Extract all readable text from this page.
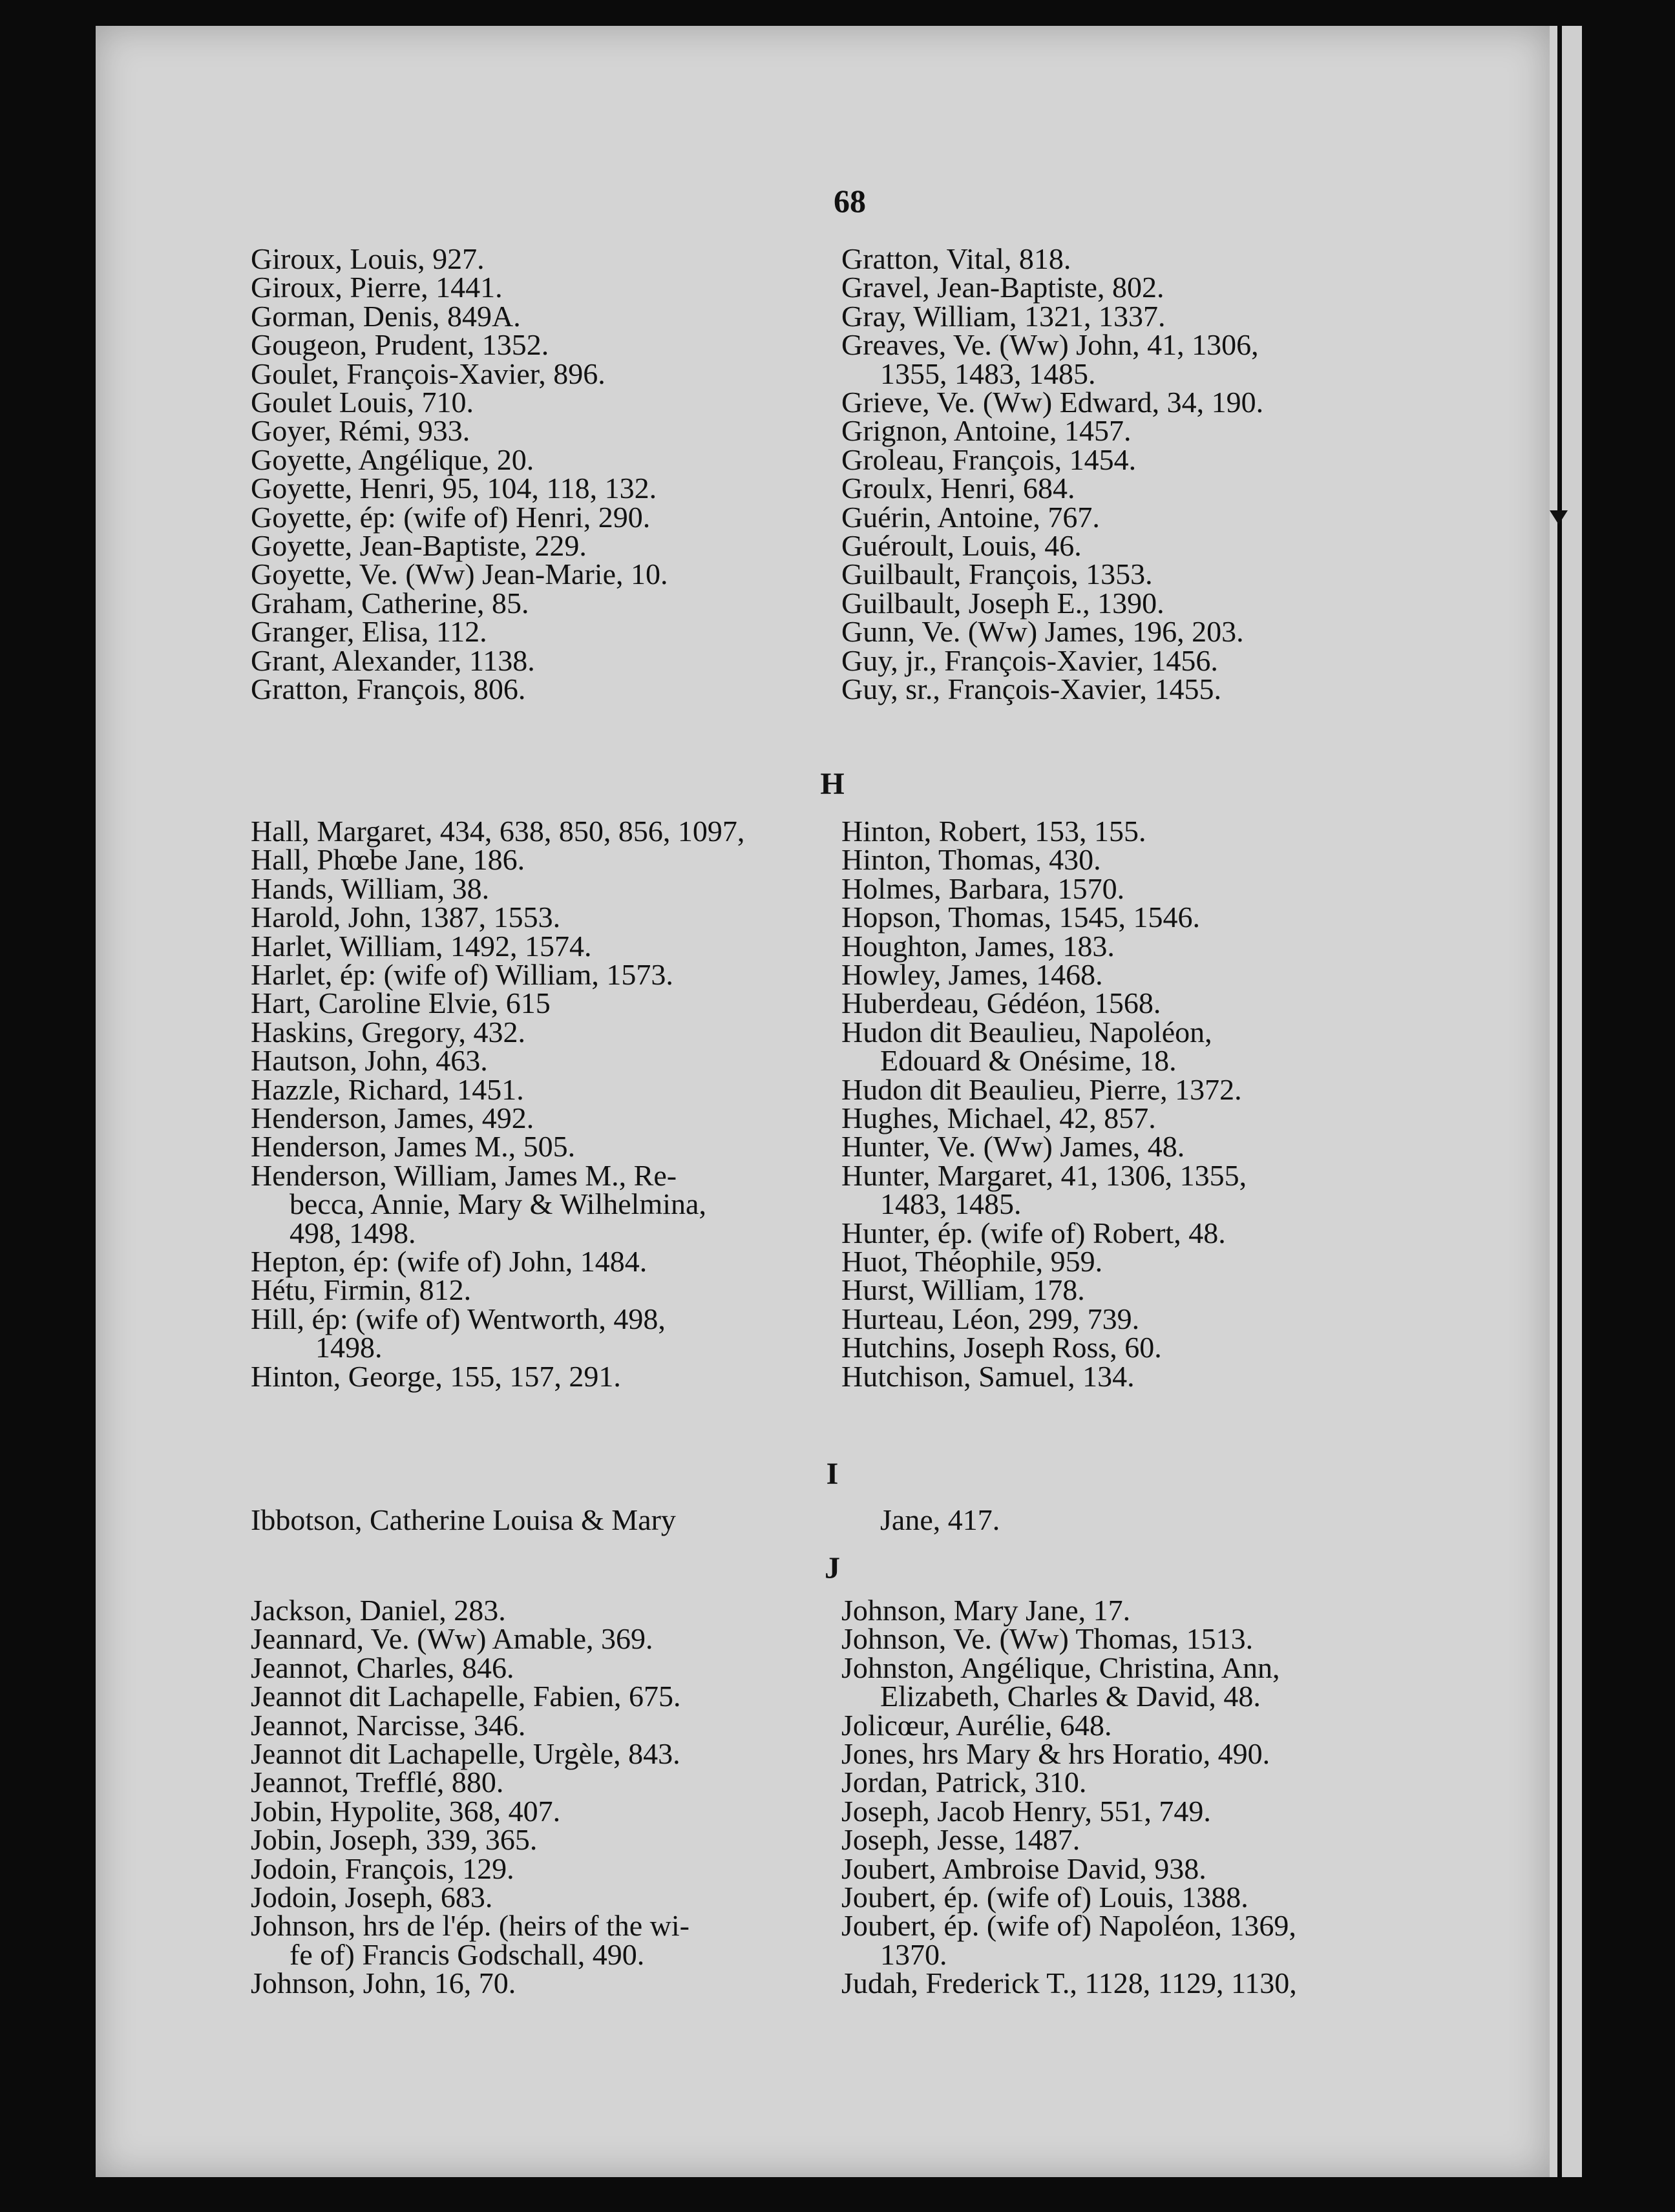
68
Giroux, Louis, 927.
Giroux, Pierre, 1441.
Gorman, Denis, 849A.
Gougeon, Prudent, 1352.
Goulet, François-Xavier, 896.
Goulet Louis, 710.
Goyer, Rémi, 933.
Goyette, Angélique, 20.
Goyette, Henri, 95, 104, 118, 132.
Goyette, ép: (wife of) Henri, 290.
Goyette, Jean-Baptiste, 229.
Goyette, Ve. (Ww) Jean-Marie, 10.
Graham, Catherine, 85.
Granger, Elisa, 112.
Grant, Alexander, 1138.
Gratton, François, 806.
Gratton, Vital, 818.
Gravel, Jean-Baptiste, 802.
Gray, William, 1321, 1337.
Greaves, Ve. (Ww) John, 41, 1306,
1355, 1483, 1485.
Grieve, Ve. (Ww) Edward, 34, 190.
Grignon, Antoine, 1457.
Groleau, François, 1454.
Groulx, Henri, 684.
Guérin, Antoine, 767.
Guéroult, Louis, 46.
Guilbault, François, 1353.
Guilbault, Joseph E., 1390.
Gunn, Ve. (Ww) James, 196, 203.
Guy, jr., François-Xavier, 1456.
Guy, sr., François-Xavier, 1455.
H
Hall, Margaret, 434, 638, 850, 856, 1097,
Hall, Phœbe Jane, 186.
Hands, William, 38.
Harold, John, 1387, 1553.
Harlet, William, 1492, 1574.
Harlet, ép: (wife of) William, 1573.
Hart, Caroline Elvie, 615
Haskins, Gregory, 432.
Hautson, John, 463.
Hazzle, Richard, 1451.
Henderson, James, 492.
Henderson, James M., 505.
Henderson, William, James M., Re-
becca, Annie, Mary & Wilhelmina,
498, 1498.
Hepton, ép: (wife of) John, 1484.
Hétu, Firmin, 812.
Hill, ép: (wife of) Wentworth, 498,
1498.
Hinton, George, 155, 157, 291.
Hinton, Robert, 153, 155.
Hinton, Thomas, 430.
Holmes, Barbara, 1570.
Hopson, Thomas, 1545, 1546.
Houghton, James, 183.
Howley, James, 1468.
Huberdeau, Gédéon, 1568.
Hudon dit Beaulieu, Napoléon,
Edouard & Onésime, 18.
Hudon dit Beaulieu, Pierre, 1372.
Hughes, Michael, 42, 857.
Hunter, Ve. (Ww) James, 48.
Hunter, Margaret, 41, 1306, 1355,
1483, 1485.
Hunter, ép. (wife of) Robert, 48.
Huot, Théophile, 959.
Hurst, William, 178.
Hurteau, Léon, 299, 739.
Hutchins, Joseph Ross, 60.
Hutchison, Samuel, 134.
I
Ibbotson, Catherine Louisa & Mary	Jane, 417.
J
Jackson, Daniel, 283.
Jeannard, Ve. (Ww) Amable, 369.
Jeannot, Charles, 846.
Jeannot dit Lachapelle, Fabien, 675.
Jeannot, Narcisse, 346.
Jeannot dit Lachapelle, Urgèle, 843.
Jeannot, Trefflé, 880.
Jobin, Hypolite, 368, 407.
Jobin, Joseph, 339, 365.
Jodoin, François, 129.
Jodoin, Joseph, 683.
Johnson, hrs de l'ép. (heirs of the wi-
fe of) Francis Godschall, 490.
Johnson, John, 16, 70.
Johnson, Mary Jane, 17.
Johnson, Ve. (Ww) Thomas, 1513.
Johnston, Angélique, Christina, Ann,
Elizabeth, Charles & David, 48.
Jolicœur, Aurélie, 648.
Jones, hrs Mary & hrs Horatio, 490.
Jordan, Patrick, 310.
Joseph, Jacob Henry, 551, 749.
Joseph, Jesse, 1487.
Joubert, Ambroise David, 938.
Joubert, ép. (wife of) Louis, 1388.
Joubert, ép. (wife of) Napoléon, 1369,
1370.
Judah, Frederick T., 1128, 1129, 1130,
